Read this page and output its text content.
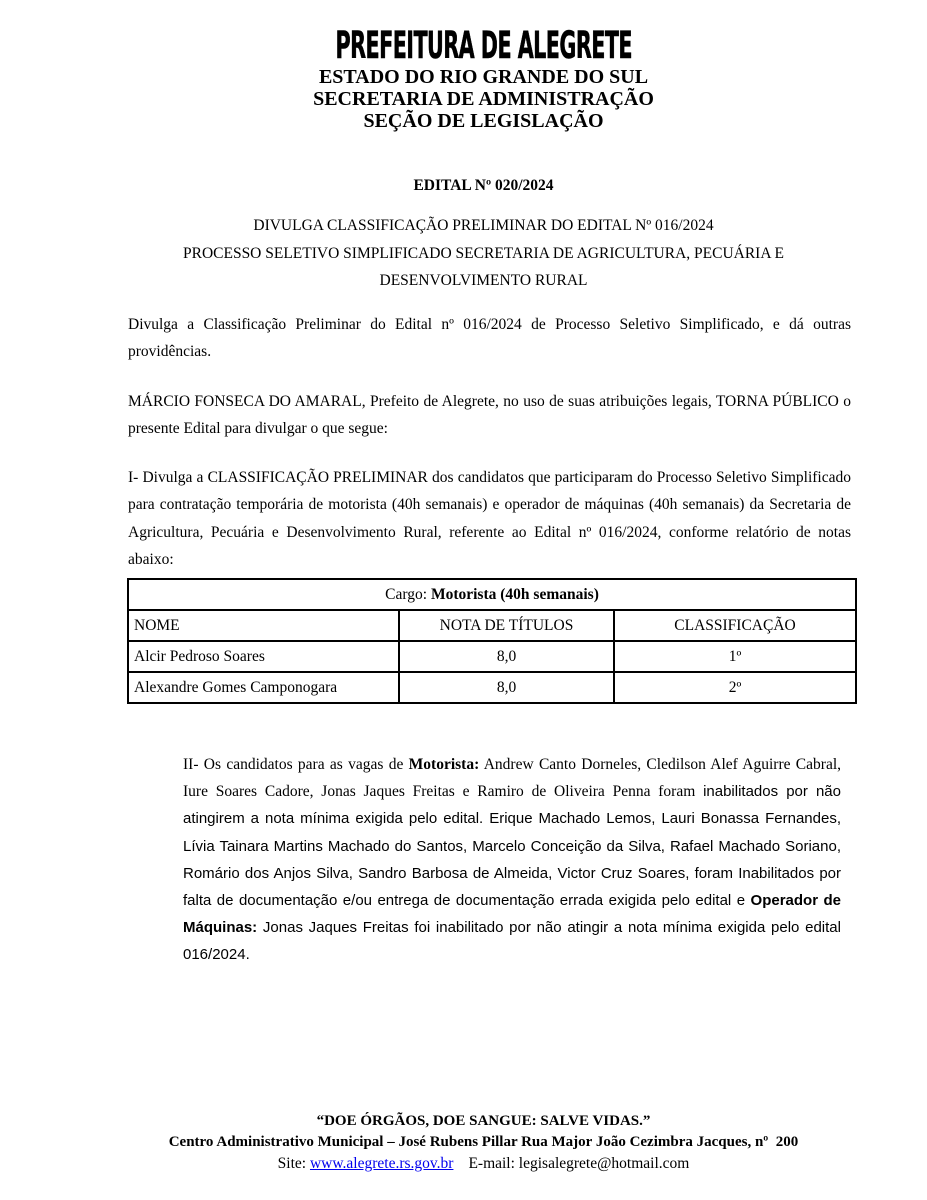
PREFEITURA DE ALEGRETE
ESTADO DO RIO GRANDE DO SUL
SECRETARIA DE ADMINISTRAÇÃO
SEÇÃO DE LEGISLAÇÃO
EDITAL Nº 020/2024
DIVULGA CLASSIFICAÇÃO PRELIMINAR DO EDITAL Nº 016/2024
PROCESSO SELETIVO SIMPLIFICADO SECRETARIA DE AGRICULTURA, PECUÁRIA E
DESENVOLVIMENTO RURAL

Divulga a Classificação Preliminar do Edital nº 016/2024 de Processo Seletivo Simplificado, e dá outras providências.

MÁRCIO FONSECA DO AMARAL, Prefeito de Alegrete, no uso de suas atribuições legais, TORNA PÚBLICO o presente Edital para divulgar o que segue:

I- Divulga a CLASSIFICAÇÃO PRELIMINAR dos candidatos que participaram do Processo Seletivo Simplificado para contratação temporária de motorista (40h semanais) e operador de máquinas (40h semanais) da Secretaria de Agricultura, Pecuária e Desenvolvimento Rural, referente ao Edital nº 016/2024, conforme relatório de notas abaixo:

Cargo: Motorista (40h semanais)		
NOME	NOTA DE TÍTULOS	CLASSIFICAÇÃO
Alcir Pedroso Soares	8,0	1º
Alexandre Gomes Camponogara	8,0	2º

II- Os candidatos para as vagas de Motorista: Andrew Canto Dorneles, Cledilson Alef Aguirre Cabral, Iure Soares Cadore, Jonas Jaques Freitas e Ramiro de Oliveira Penna foram inabilitados por não atingirem a nota mínima exigida pelo edital. Erique Machado Lemos, Lauri Bonassa Fernandes, Lívia Tainara Martins Machado do Santos, Marcelo Conceição da Silva, Rafael Machado Soriano, Romário dos Anjos Silva, Sandro Barbosa de Almeida, Victor Cruz Soares, foram Inabilitados por falta de documentação e/ou entrega de documentação errada exigida pelo edital e Operador de Máquinas: Jonas Jaques Freitas foi inabilitado por não atingir a nota mínima exigida pelo edital 016/2024.

“DOE ÓRGÃOS, DOE SANGUE: SALVE VIDAS.”
Centro Administrativo Municipal – José Rubens Pillar Rua Major João Cezimbra Jacques, nº  200
Site: www.alegrete.rs.gov.br E-mail: legisalegrete@hotmail.com
